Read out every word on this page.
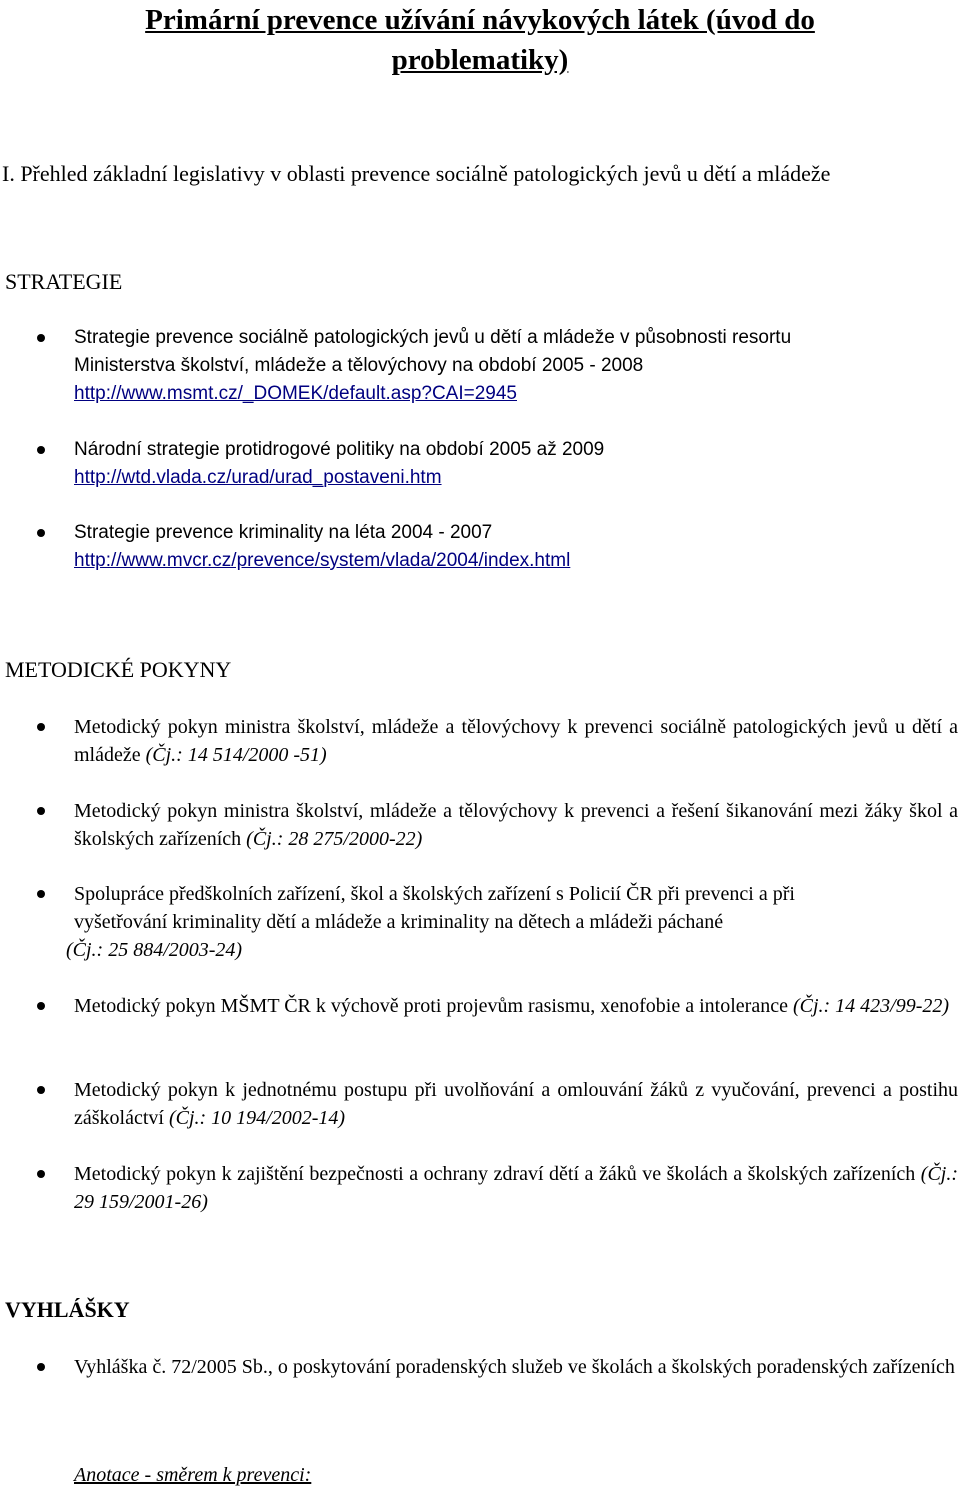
Primární prevence užívání návykových látek (úvod do
problematiky)

I. Přehled základní legislativy v oblasti prevence sociálně patologických jevů u dětí a mládeže

STRATEGIE

Strategie prevence sociálně patologických jevů u dětí a mládeže v působnosti resortu
Ministerstva školství, mládeže a tělovýchovy na období 2005 - 2008
http://www.msmt.cz/_DOMEK/default.asp?CAI=2945
Národní strategie protidrogové politiky na období 2005 až 2009
http://wtd.vlada.cz/urad/urad_postaveni.htm
Strategie prevence kriminality na léta 2004 - 2007
http://www.mvcr.cz/prevence/system/vlada/2004/index.html

METODICKÉ POKYNY

Metodický pokyn ministra školství, mládeže a tělovýchovy k prevenci sociálně patologických jevů u dětí a mládeže (Čj.: 14 514/2000 -51)
Metodický pokyn ministra školství, mládeže a tělovýchovy k prevenci a řešení šikanování mezi žáky škol a školských zařízeních (Čj.: 28 275/2000-22)
Spolupráce předškolních zařízení, škol a školských zařízení s Policií ČR při prevenci a při
vyšetřování kriminality dětí a mládeže a kriminality na dětech a mládeži páchané
(Čj.: 25 884/2003-24)
Metodický pokyn MŠMT ČR k výchově proti projevům rasismu, xenofobie a intolerance (Čj.: 14 423/99-22)
Metodický pokyn k jednotnému postupu při uvolňování a omlouvání žáků z vyučování, prevenci a postihu záškoláctví (Čj.: 10 194/2002-14)
Metodický pokyn k zajištění bezpečnosti a ochrany zdraví dětí a žáků ve školách a školských zařízeních (Čj.: 29 159/2001-26)

VYHLÁŠKY

Vyhláška č. 72/2005 Sb., o poskytování poradenských služeb ve školách a školských poradenských zařízeních

Anotace - směrem k prevenci:
